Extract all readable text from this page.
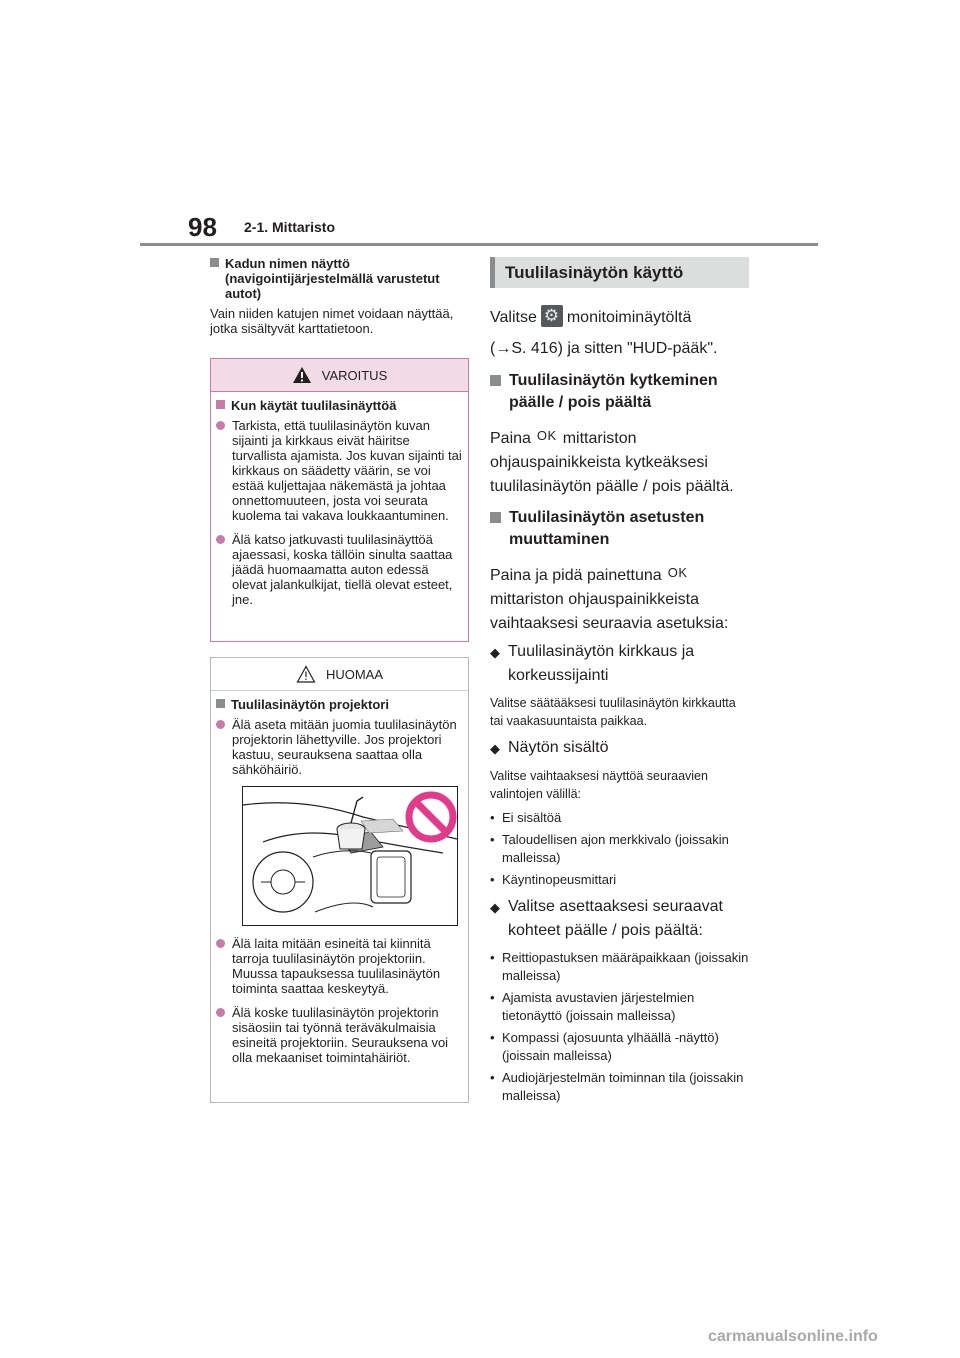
98 2-1. Mittaristo
Kadun nimen näyttö (navigointijärjestelmällä varustetut autot)
Vain niiden katujen nimet voidaan näyttää, jotka sisältyvät karttatietoon.
VAROITUS
Kun käytät tuulilasinäyttöä
Tarkista, että tuulilasinäytön kuvan sijainti ja kirkkaus eivät häiritse turvallista ajamista. Jos kuvan sijainti tai kirkkaus on säädetty väärin, se voi estää kuljettajaa näkemästä ja johtaa onnettomuuteen, josta voi seurata kuolema tai vakava loukkaantuminen.
Älä katso jatkuvasti tuulilasinäyttöä ajaessasi, koska tällöin sinulta saattaa jäädä huomaamatta auton edessä olevat jalankulkijat, tiellä olevat esteet, jne.
HUOMAA
Tuulilasinäytön projektori
Älä aseta mitään juomia tuulilasinäytön projektorin lähettyville. Jos projektori kastuu, seurauksena saattaa olla sähköhäiriö.
Älä laita mitään esineitä tai kiinnitä tarroja tuulilasinäytön projektoriin. Muussa tapauksessa tuulilasinäytön toiminta saattaa keskeytyä.
Älä koske tuulilasinäytön projektorin sisäosiin tai työnnä teräväkulmaisia esineitä projektoriin. Seurauksena voi olla mekaaniset toimintahäiriöt.
Tuulilasinäytön käyttö
Valitse⚙ monitoiminäytöltä
(→S. 416) ja sitten "HUD-pääk".
Tuulilasinäytön kytkeminen päälle / pois päältä
Paina OK mittariston ohjauspainikkeista kytkeäksesi tuulilasinäytön päälle / pois päältä.
Tuulilasinäytön asetusten muuttaminen
Paina ja pidä painettuna OKmittariston ohjauspainikkeista vaihtaaksesi seuraavia asetuksia:
◆ Tuulilasinäytön kirkkaus ja korkeussijainti
Valitse säätääksesi tuulilasinäytön kirkkautta tai vaakasuuntaista paikkaa.
◆ Näytön sisältö
Valitse vaihtaaksesi näyttöä seuraavien valintojen välillä:
• Ei sisältöä
• Taloudellisen ajon merkkivalo (joissakin malleissa)
• Käyntinopeusmittari
◆ Valitse asettaaksesi seuraavat kohteet päälle / pois päältä:
• Reittiopastuksen määräpaikkaan (joissakin malleissa)
• Ajamista avustavien järjestelmien tietonäyttö (joissain malleissa)
• Kompassi (ajosuunta ylhäällä -näyttö) (joissain malleissa)
• Audiojärjestelmän toiminnan tila (joissakin malleissa)
carmanualsonline.info
